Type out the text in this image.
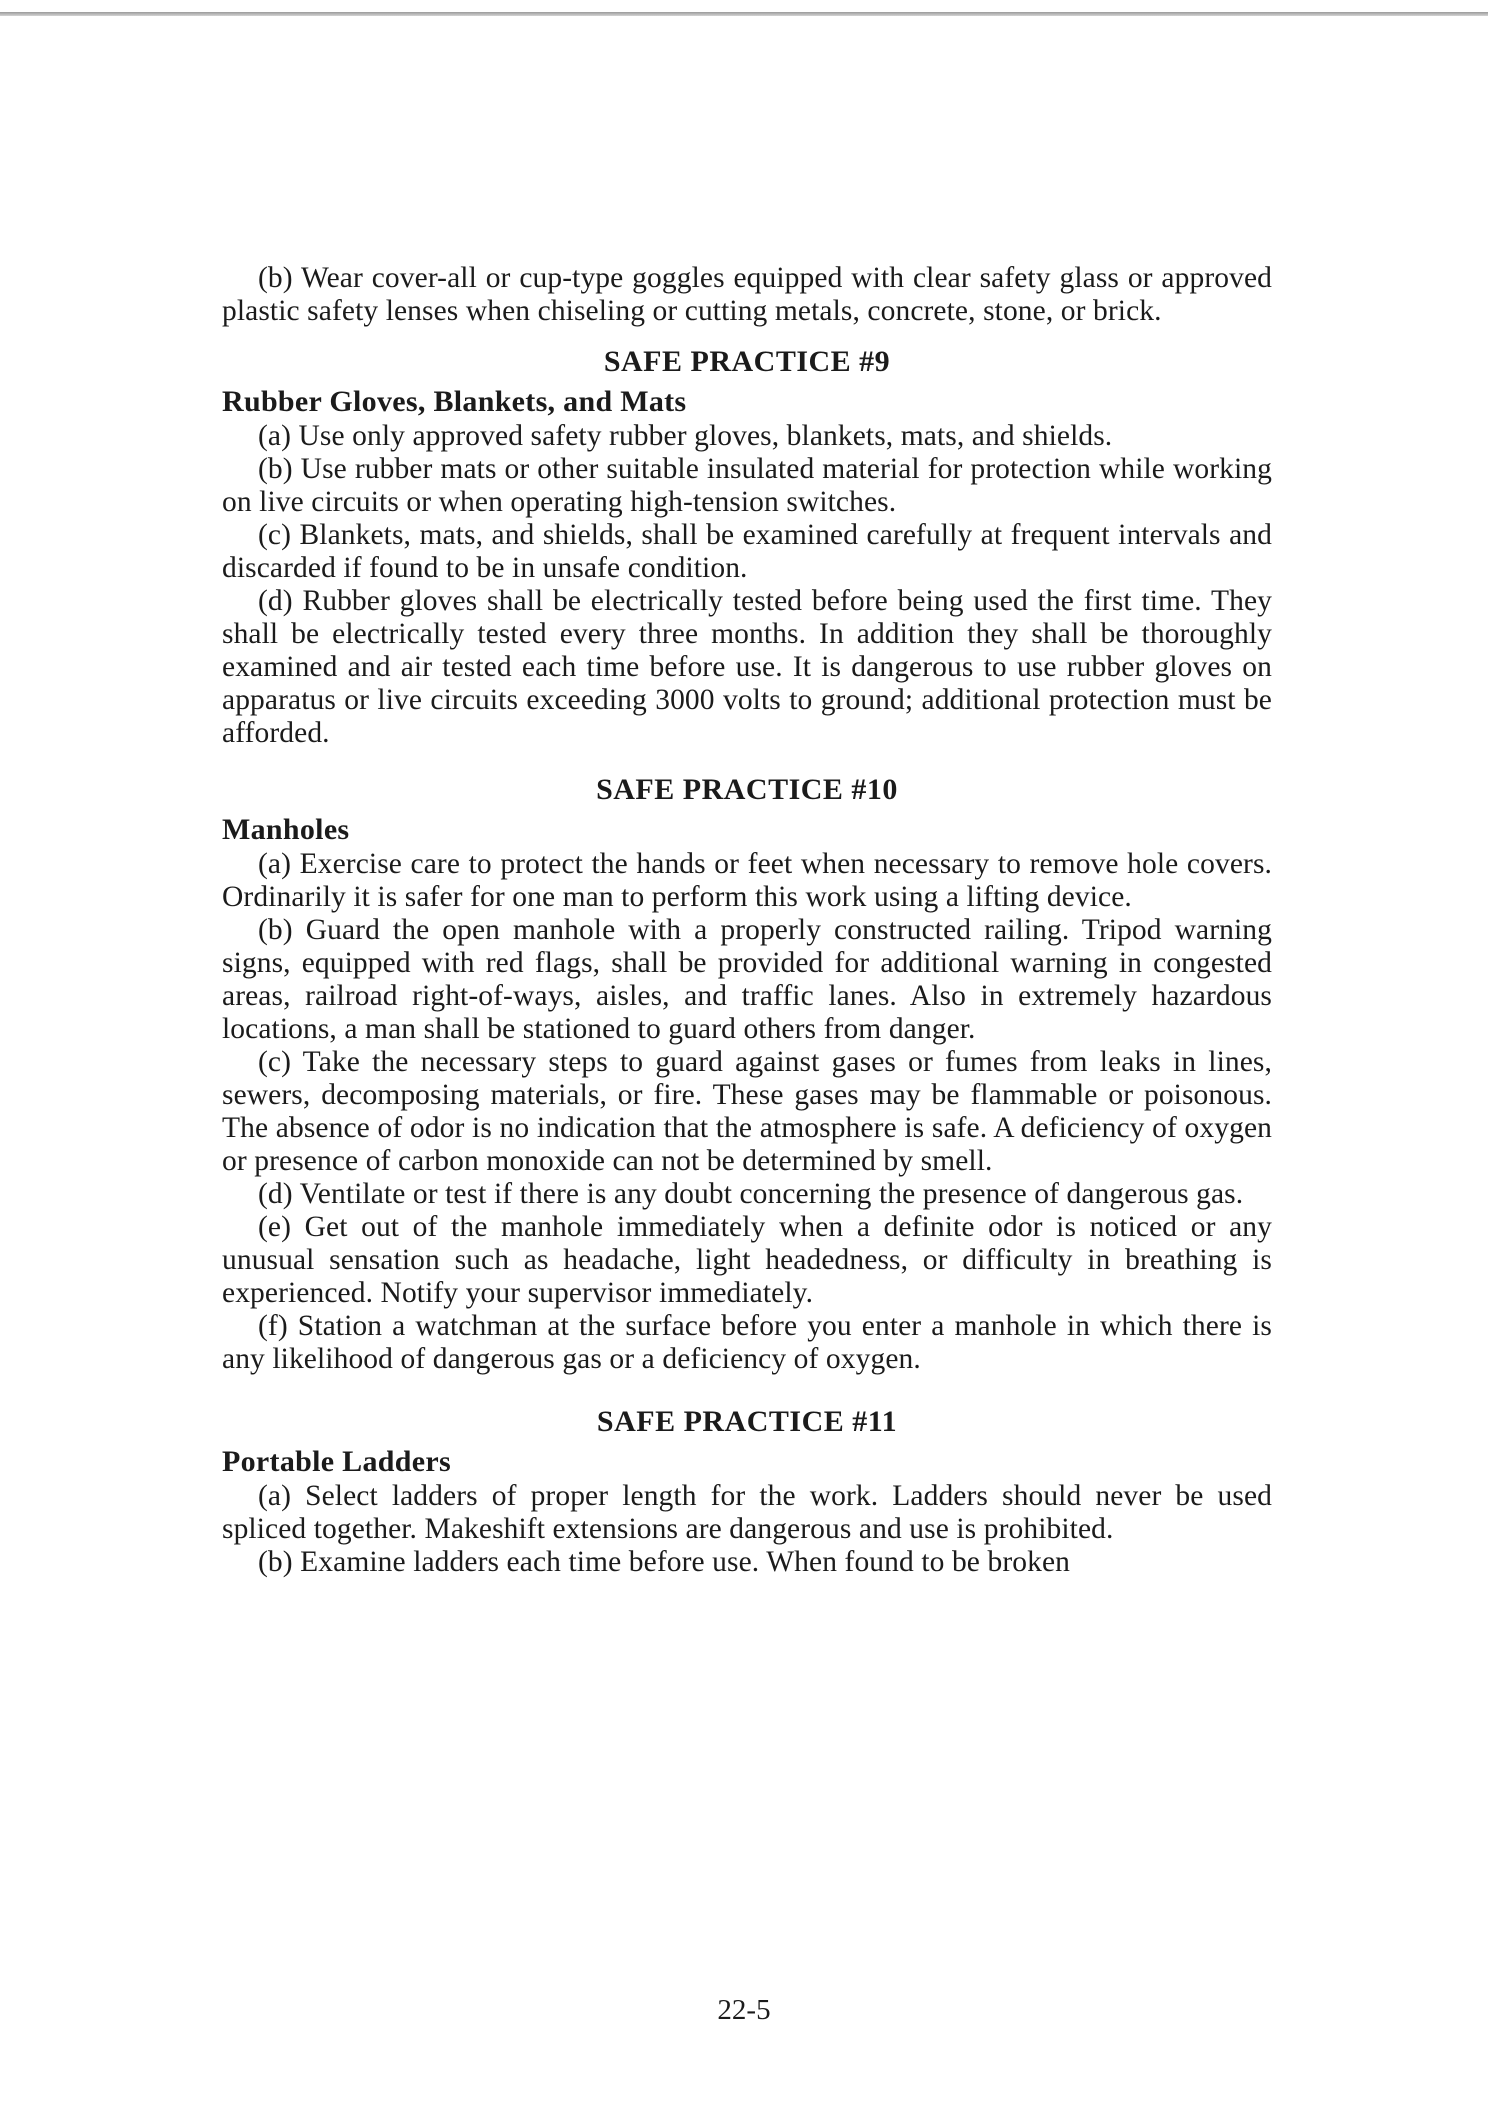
(b) Wear cover-all or cup-type goggles equipped with clear safety glass or approved plastic safety lenses when chiseling or cutting metals, concrete, stone, or brick.

SAFE PRACTICE #9
Rubber Gloves, Blankets, and Mats

(a) Use only approved safety rubber gloves, blankets, mats, and shields.

(b) Use rubber mats or other suitable insulated material for protection while working on live circuits or when operating high-tension switches.

(c) Blankets, mats, and shields, shall be examined carefully at frequent intervals and discarded if found to be in unsafe condition.

(d) Rubber gloves shall be electrically tested before being used the first time. They shall be electrically tested every three months. In addition they shall be thoroughly examined and air tested each time before use. It is dangerous to use rubber gloves on apparatus or live circuits exceeding 3000 volts to ground; additional protection must be afforded.

SAFE PRACTICE #10
Manholes

(a) Exercise care to protect the hands or feet when necessary to remove hole covers. Ordinarily it is safer for one man to perform this work using a lifting device.

(b) Guard the open manhole with a properly constructed railing. Tripod warning signs, equipped with red flags, shall be provided for additional warning in congested areas, railroad right-of-ways, aisles, and traffic lanes. Also in extremely hazardous locations, a man shall be stationed to guard others from danger.

(c) Take the necessary steps to guard against gases or fumes from leaks in lines, sewers, decomposing materials, or fire. These gases may be flammable or poisonous. The absence of odor is no indication that the atmosphere is safe. A deficiency of oxygen or presence of carbon monoxide can not be determined by smell.

(d) Ventilate or test if there is any doubt concerning the presence of dangerous gas.

(e) Get out of the manhole immediately when a definite odor is noticed or any unusual sensation such as headache, light headedness, or difficulty in breathing is experienced. Notify your supervisor immediately.

(f) Station a watchman at the surface before you enter a manhole in which there is any likelihood of dangerous gas or a deficiency of oxygen.

SAFE PRACTICE #11
Portable Ladders

(a) Select ladders of proper length for the work. Ladders should never be used spliced together. Makeshift extensions are dangerous and use is prohibited.

(b) Examine ladders each time before use. When found to be broken

22-5
